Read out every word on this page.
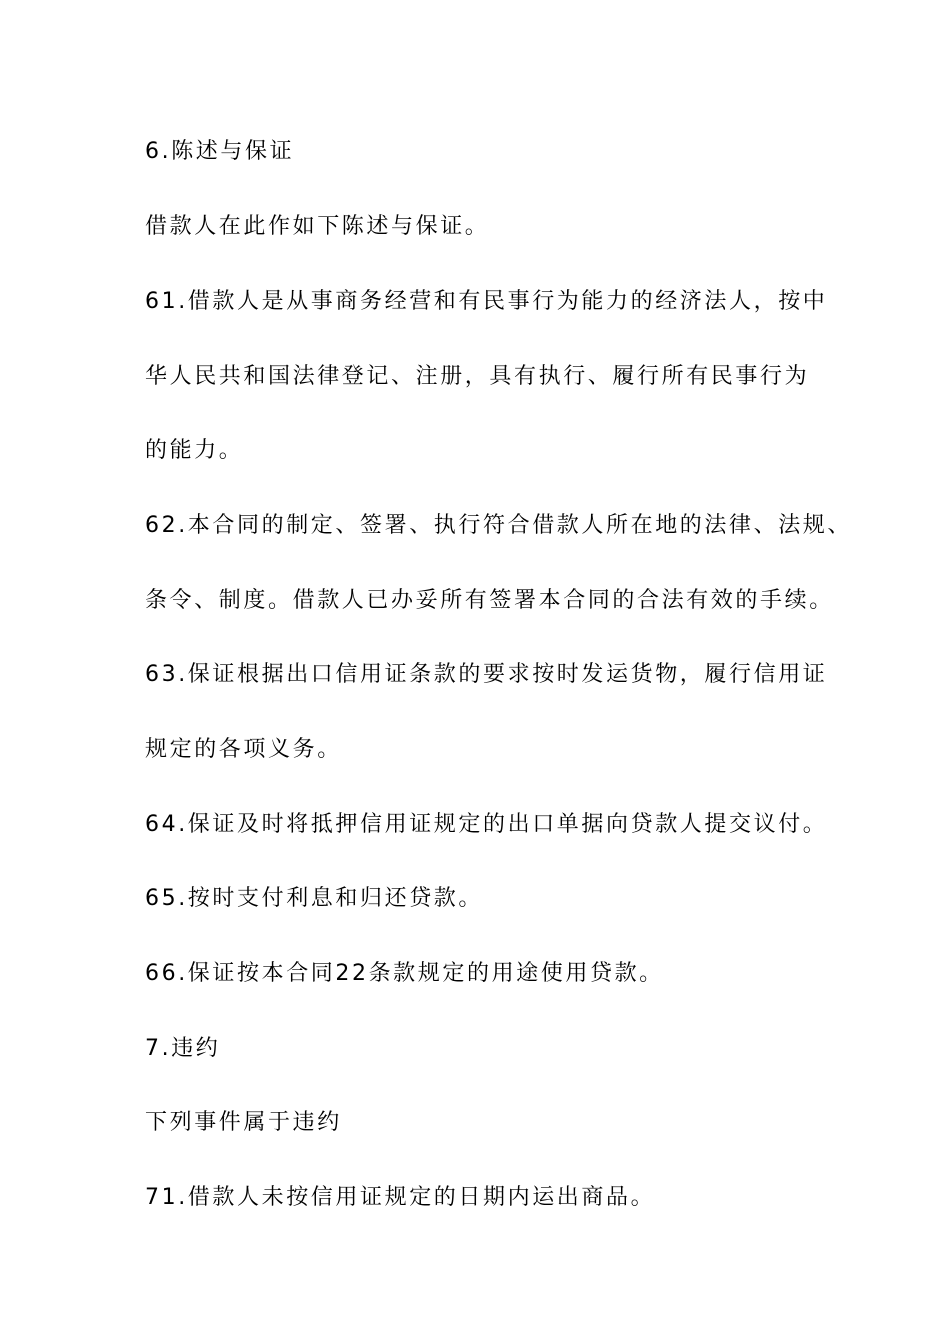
6.陈述与保证
借款人在此作如下陈述与保证。
61.借款人是从事商务经营和有民事行为能力的经济法人，按中
华人民共和国法律登记、注册，具有执行、履行所有民事行为
的能力。
62.本合同的制定、签署、执行符合借款人所在地的法律、法规、
条令、制度。借款人已办妥所有签署本合同的合法有效的手续。
63.保证根据出口信用证条款的要求按时发运货物，履行信用证
规定的各项义务。
64.保证及时将抵押信用证规定的出口单据向贷款人提交议付。
65.按时支付利息和归还贷款。
66.保证按本合同22条款规定的用途使用贷款。
7.违约
下列事件属于违约
71.借款人未按信用证规定的日期内运出商品。
